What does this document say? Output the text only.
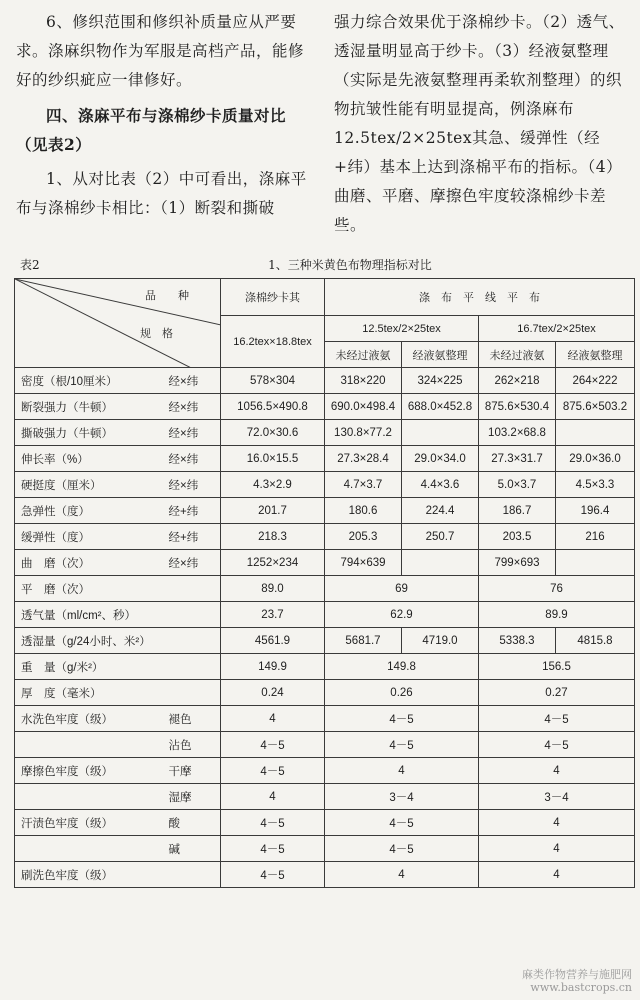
6、修织范围和修织补质量应从严要求。涤麻织物作为军服是高档产品，能修好的纱织疵应一律修好。

四、涤麻平布与涤棉纱卡质量对比

（见表2）

1、从对比表（2）中可看出，涤麻平布与涤棉纱卡相比：（1）断裂和撕破

强力综合效果优于涤棉纱卡。（2）透气、透湿量明显高于纱卡。（3）经液氨整理（实际是先液氨整理再柔软剂整理）的织物抗皱性能有明显提高，例涤麻布12.5tex/2×25tex其急、缓弹性（经+纬）基本上达到涤棉平布的指标。（4）曲磨、平磨、摩擦色牢度较涤棉纱卡差些。

表2	1、三种米黄色布物理指标对比
品　　种
规　格		涤棉纱卡其	涤　布　平　线　平　布			
		16.2tex×18.8tex	12.5tex/2×25tex		16.7tex/2×25tex	

			未经过液氨	经液氨整理	未经过液氨	经液氨整理
密度（根/10厘米）	经×纬	578×304	318×220	324×225	262×218	264×222
断裂强力（牛顿）	经×纬	1056.5×490.8	690.0×498.4	688.0×452.8	875.6×530.4	875.6×503.2
撕破强力（牛顿）	经×纬	72.0×30.6	130.8×77.2		103.2×68.8	
伸长率（%）	经×纬	16.0×15.5	27.3×28.4	29.0×34.0	27.3×31.7	29.0×36.0
硬挺度（厘米）	经×纬	4.3×2.9	4.7×3.7	4.4×3.6	5.0×3.7	4.5×3.3
急弹性（度）	经+纬	201.7	180.6	224.4	186.7	196.4
缓弹性（度）	经+纬	218.3	205.3	250.7	203.5	216
曲　磨（次）	经×纬	1252×234	794×639		799×693	
平　磨（次）		89.0	69		76	
透气量（ml/cm²、秒）		23.7	62.9		89.9	
透湿量（g/24小时、米²）		4561.9	5681.7	4719.0	5338.3	4815.8
重　量（g/米²）		149.9	149.8		156.5	
厚　度（毫米）		0.24	0.26		0.27	
水洗色牢度（级）	褪色	4	4－5		4－5	
	沾色	4－5	4－5		4－5	
摩擦色牢度（级）	干摩	4－5	4		4	
	湿摩	4	3－4		3－4	
汗渍色牢度（级）	酸	4－5	4－5		4	
	碱	4－5	4－5		4	
刷洗色牢度（级）		4－5	4		4	
麻类作物营养与施肥网
www.bastcrops.cn
